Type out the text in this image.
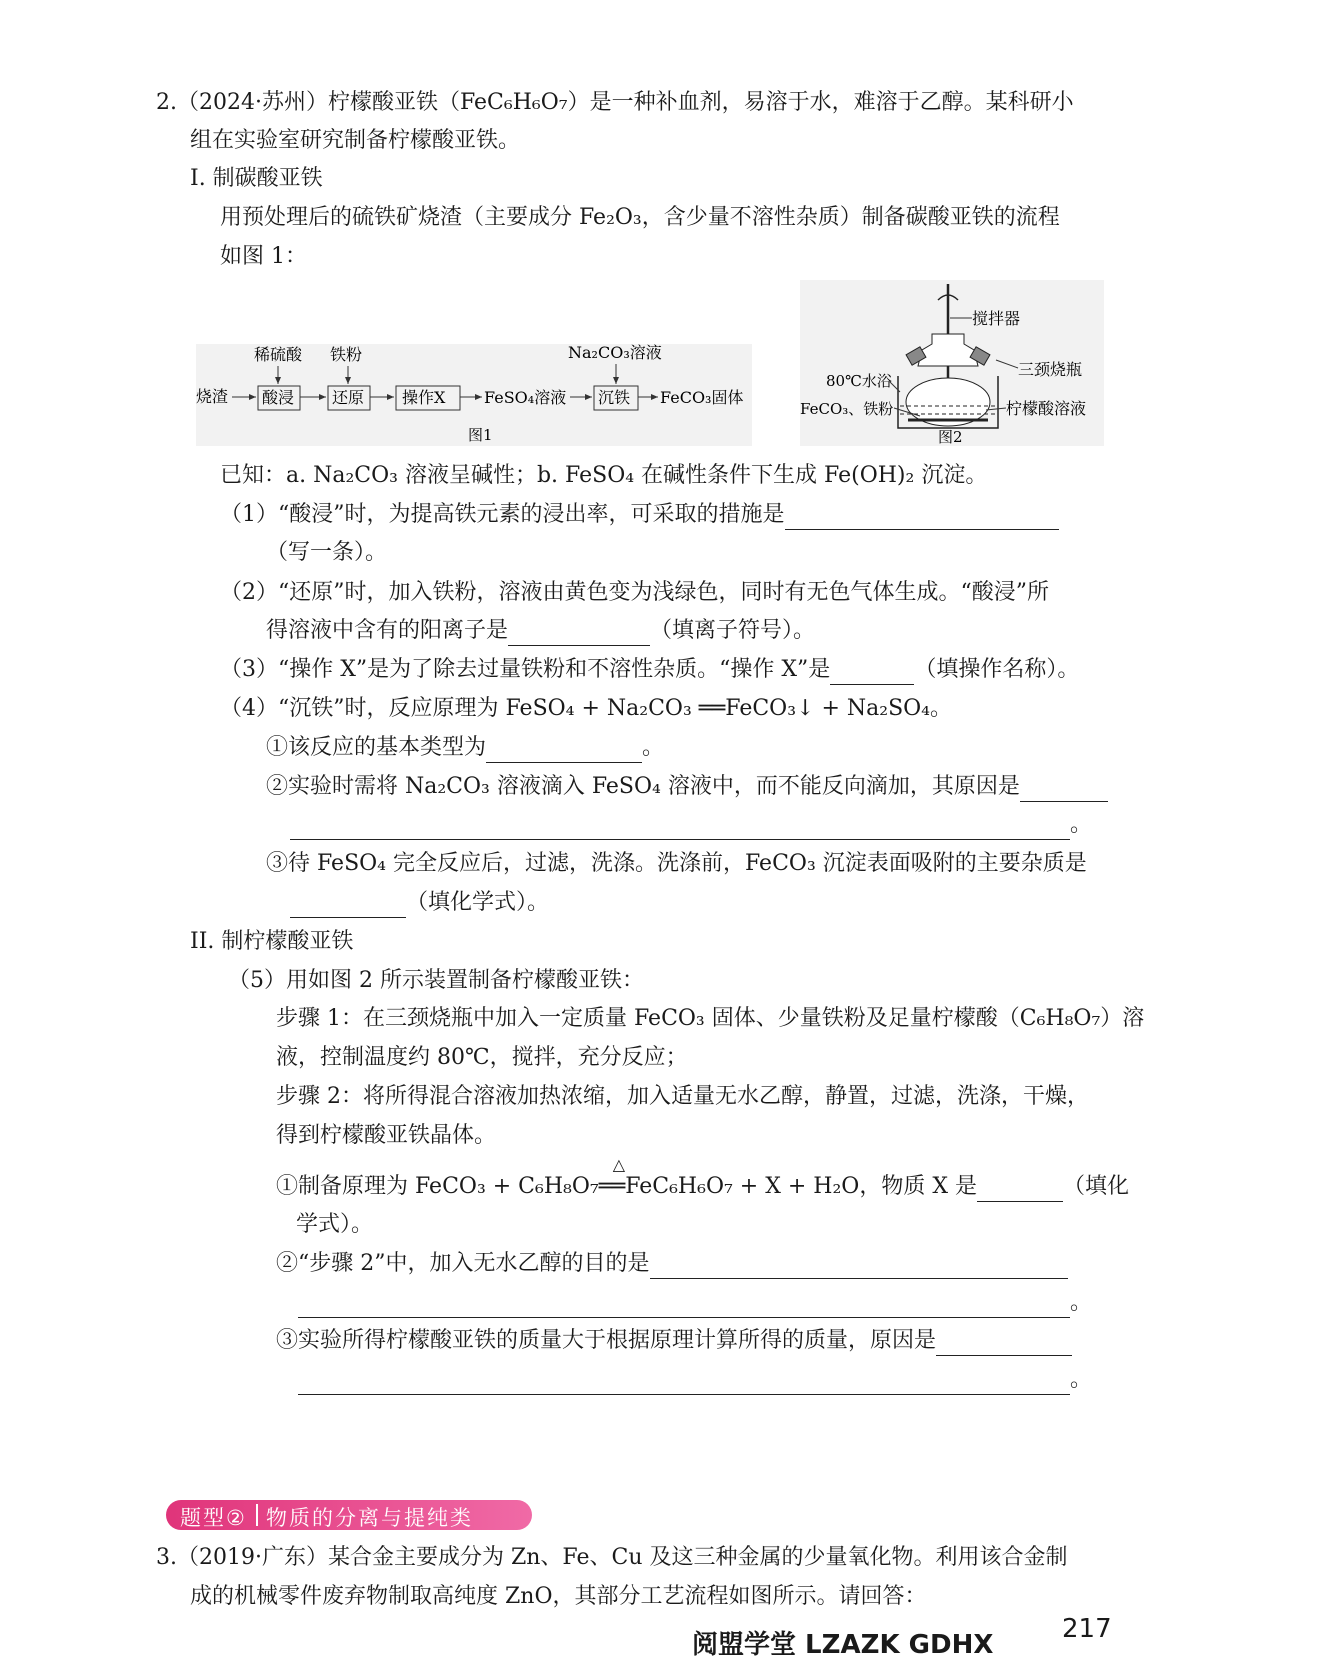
2.（2024·苏州）柠檬酸亚铁（FeC₆H₆O₇）是一种补血剂，易溶于水，难溶于乙醇。某科研小
组在实验室研究制备柠檬酸亚铁。
I. 制碳酸亚铁
用预处理后的硫铁矿烧渣（主要成分 Fe₂O₃，含少量不溶性杂质）制备碳酸亚铁的流程
如图 1：
稀硫酸 铁粉	Na₂CO₃溶液
烧渣 酸浸 还原 操作X FeSO₄溶液 沉铁 FeCO₃固体
图1
搅拌器
三颈烧瓶
80℃水浴
FeCO₃、铁粉	柠檬酸溶液
图2
已知：a. Na₂CO₃ 溶液呈碱性；b. FeSO₄ 在碱性条件下生成 Fe(OH)₂ 沉淀。
（1）“酸浸”时，为提高铁元素的浸出率，可采取的措施是
（写一条）。
（2）“还原”时，加入铁粉，溶液由黄色变为浅绿色，同时有无色气体生成。“酸浸”所
得溶液中含有的阳离子是	（填离子符号）。
（3）“操作 X”是为了除去过量铁粉和不溶性杂质。“操作 X”是	（填操作名称）。
（4）“沉铁”时，反应原理为 FeSO₄ + Na₂CO₃ ══FeCO₃↓ + Na₂SO₄。
①该反应的基本类型为	。
②实验时需将 Na₂CO₃ 溶液滴入 FeSO₄ 溶液中，而不能反向滴加，其原因是
。
③待 FeSO₄ 完全反应后，过滤，洗涤。洗涤前，FeCO₃ 沉淀表面吸附的主要杂质是
（填化学式）。
II. 制柠檬酸亚铁
（5）用如图 2 所示装置制备柠檬酸亚铁：
步骤 1：在三颈烧瓶中加入一定质量 FeCO₃ 固体、少量铁粉及足量柠檬酸（C₆H₈O₇）溶
液，控制温度约 80℃，搅拌，充分反应；
步骤 2：将所得混合溶液加热浓缩，加入适量无水乙醇，静置，过滤，洗涤，干燥，
得到柠檬酸亚铁晶体。
①制备原理为 FeCO₃ + C₆H₈O₇
△
══FeC₆H₆O₇ + X + H₂O，物质 X 是	（填化
学式）。
②“步骤 2”中，加入无水乙醇的目的是
。
③实验所得柠檬酸亚铁的质量大于根据原理计算所得的质量，原因是
。
题型② 物质的分离与提纯类
3.（2019·广东）某合金主要成分为 Zn、Fe、Cu 及这三种金属的少量氧化物。利用该合金制
成的机械零件废弃物制取高纯度 ZnO，其部分工艺流程如图所示。请回答：
阅盟学堂 LZAZK GDHX
217
